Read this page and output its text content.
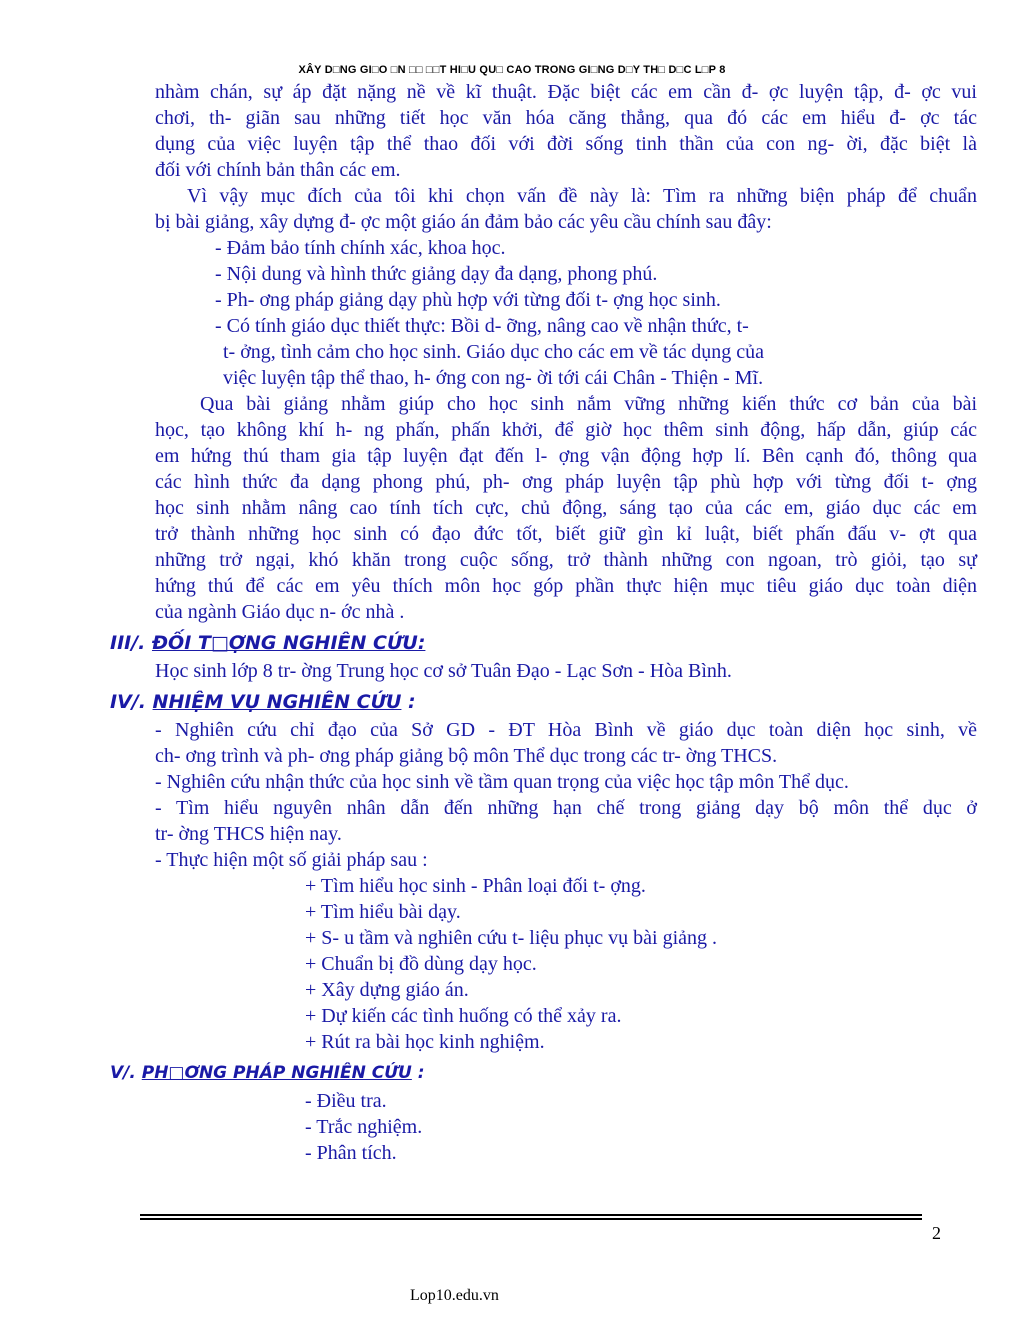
XÂY D□NG GI□O □N □□ □□T HI□U QU□ CAO TRONG GI□NG D□Y TH□ D□C L□P 8

nhàm chán, sự áp đặt nặng nề về kĩ thuật. Đặc biệt các em cần đ- ợc luyện tập, đ- ợc vui

chơi, th- giãn sau những tiết học văn hóa căng thẳng, qua đó các em hiểu đ- ợc tác

dụng của việc luyện tập thể thao đối với đời sống tinh thần của con ng- ời, đặc biệt là

đối với chính bản thân các em.

Vì vậy mục đích của tôi khi chọn vấn đề này là: Tìm ra những biện pháp để chuẩn

bị bài giảng, xây dựng đ- ợc một giáo án đảm bảo các yêu cầu chính sau đây:

- Đảm bảo tính chính xác, khoa học.

- Nội dung và hình thức giảng dạy đa dạng, phong phú.

- Ph- ơng pháp giảng dạy phù hợp với từng đối t- ợng học sinh.

- Có tính giáo dục thiết thực: Bồi d- ỡng, nâng cao về nhận thức, t-

t- ởng, tình cảm cho học sinh. Giáo dục cho các em về tác dụng của

việc luyện tập thể thao, h- ớng con ng- ời tới cái Chân - Thiện - Mĩ.

Qua bài giảng nhằm giúp cho học sinh nắm vững những kiến thức cơ bản của bài

học, tạo không khí h- ng phấn, phấn khởi, để giờ học thêm sinh động, hấp dẫn, giúp các

em hứng thú tham gia tập luyện đạt đến l- ợng vận động hợp lí. Bên cạnh đó, thông qua

các hình thức đa dạng phong phú, ph- ơng pháp luyện tập phù hợp với từng đối t- ợng

học sinh nhằm nâng cao tính tích cực, chủ động, sáng tạo của các em, giáo dục các em

trở thành những học sinh có đạo đức tốt, biết giữ gìn kỉ luật, biết phấn đấu v- ợt qua

những trở ngại, khó khăn trong cuộc sống, trở thành những con ngoan, trò giỏi, tạo sự

hứng thú để các em yêu thích môn học góp phần thực hiện mục tiêu giáo dục toàn diện

của ngành Giáo dục n- ớc nhà .

III/. ĐỐI T□ỢNG NGHIÊN CỨU:

Học sinh lớp 8 tr- ờng Trung học cơ sở Tuân Đạo - Lạc Sơn - Hòa Bình.

IV/. NHIỆM VỤ NGHIÊN CỨU :

- Nghiên cứu chỉ đạo của Sở GD - ĐT Hòa Bình về giáo dục toàn diện học sinh, về

ch- ơng trình và ph- ơng pháp giảng bộ môn Thể dục trong các tr- ờng THCS.

- Nghiên cứu nhận thức của học sinh về tầm quan trọng của việc học tập môn Thể dục.

- Tìm hiểu nguyên nhân dẫn đến những hạn chế trong giảng dạy bộ môn thể dục ở

tr- ờng THCS hiện nay.

- Thực hiện một số giải pháp sau :

+ Tìm hiểu học sinh - Phân loại đối t- ợng.

+ Tìm hiểu bài dạy.

+ S- u tầm và nghiên cứu t- liệu phục vụ bài giảng .

+ Chuẩn bị đồ dùng dạy học.

+ Xây dựng giáo án.

+ Dự kiến các tình huống có thể xảy ra.

+ Rút ra bài học kinh nghiệm.

V/. PH□ƠNG PHÁP NGHIÊN CỨU :

- Điều tra.

- Trắc nghiệm.

- Phân tích.

2
Lop10.edu.vn
